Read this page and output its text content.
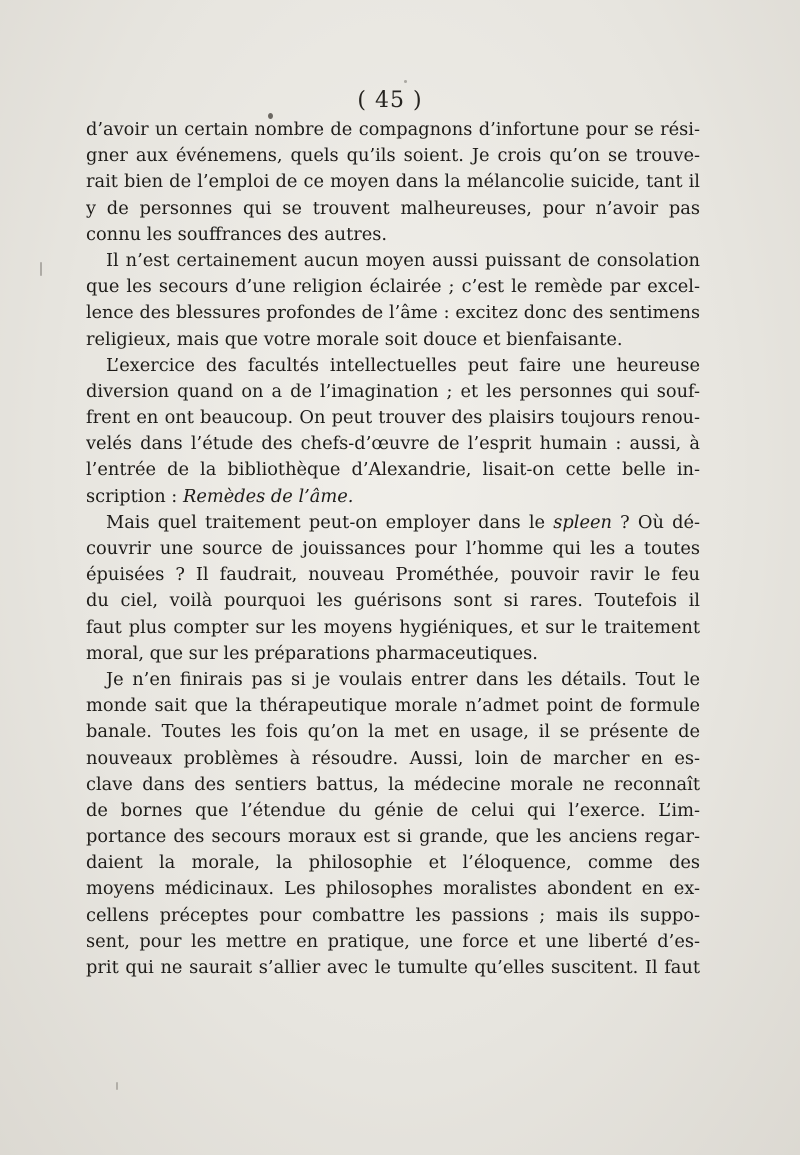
( 45 )
d’avoir un certain nombre de compagnons d’infortune pour se rési-
gner aux événemens, quels qu’ils soient. Je crois qu’on se trouve-
rait bien de l’emploi de ce moyen dans la mélancolie suicide, tant il
y de personnes qui se trouvent malheureuses, pour n’avoir pas
connu les souffrances des autres.
Il n’est certainement aucun moyen aussi puissant de consolation
que les secours d’une religion éclairée ; c’est le remède par excel-
lence des blessures profondes de l’âme : excitez donc des sentimens
religieux, mais que votre morale soit douce et bienfaisante.
L’exercice des facultés intellectuelles peut faire une heureuse
diversion quand on a de l’imagination ; et les personnes qui souf-
frent en ont beaucoup. On peut trouver des plaisirs toujours renou-
velés dans l’étude des chefs-d’œuvre de l’esprit humain : aussi, à
l’entrée de la bibliothèque d’Alexandrie, lisait-on cette belle in-
scription : Remèdes de l’âme.
Mais quel traitement peut-on employer dans le spleen ? Où dé-
couvrir une source de jouissances pour l’homme qui les a toutes
épuisées ? Il faudrait, nouveau Prométhée, pouvoir ravir le feu
du ciel, voilà pourquoi les guérisons sont si rares. Toutefois il
faut plus compter sur les moyens hygiéniques, et sur le traitement
moral, que sur les préparations pharmaceutiques.
Je n’en finirais pas si je voulais entrer dans les détails. Tout le
monde sait que la thérapeutique morale n’admet point de formule
banale. Toutes les fois qu’on la met en usage, il se présente de
nouveaux problèmes à résoudre. Aussi, loin de marcher en es-
clave dans des sentiers battus, la médecine morale ne reconnaît
de bornes que l’étendue du génie de celui qui l’exerce. L’im-
portance des secours moraux est si grande, que les anciens regar-
daient la morale, la philosophie et l’éloquence, comme des
moyens médicinaux. Les philosophes moralistes abondent en ex-
cellens préceptes pour combattre les passions ; mais ils suppo-
sent, pour les mettre en pratique, une force et une liberté d’es-
prit qui ne saurait s’allier avec le tumulte qu’elles suscitent. Il faut
